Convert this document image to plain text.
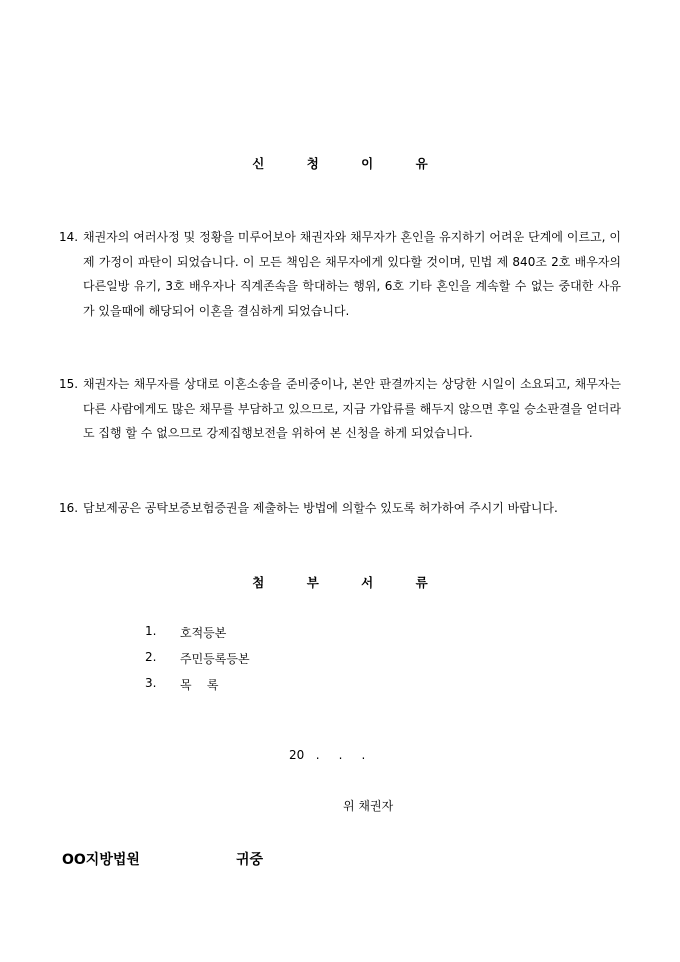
신	청	이	유
14. 채권자의 여러사정 및 정황을 미루어보아 채권자와 채무자가 혼인을 유지하기 어려운 단계에 이르고, 이제 가정이 파탄이 되었습니다. 이 모든 책임은 채무자에게 있다할 것이며, 민법 제 840조 2호 배우자의 다른일방 유기, 3호 배우자나 직계존속을 학대하는 행위, 6호 기타 혼인을 계속할 수 없는 중대한 사유가 있을때에 해당되어 이혼을 결심하게 되었습니다.
15. 채권자는 채무자를 상대로 이혼소송을 준비중이나, 본안 판결까지는 상당한 시일이 소요되고, 채무자는 다른 사람에게도 많은 채무를 부담하고 있으므로, 지금 가압류를 해두지 않으면 후일 승소판결을 얻더라도 집행 할 수 없으므로 강제집행보전을 위하여 본 신청을 하게 되었습니다.
16. 담보제공은 공탁보증보험증권을 제출하는 방법에 의할수 있도록 허가하여 주시기 바랍니다.
첨	부	서	류
1. 호적등본
2. 주민등록등본
3. 목    록
20   .     .     .
위 채권자
OO지방법원	귀중
